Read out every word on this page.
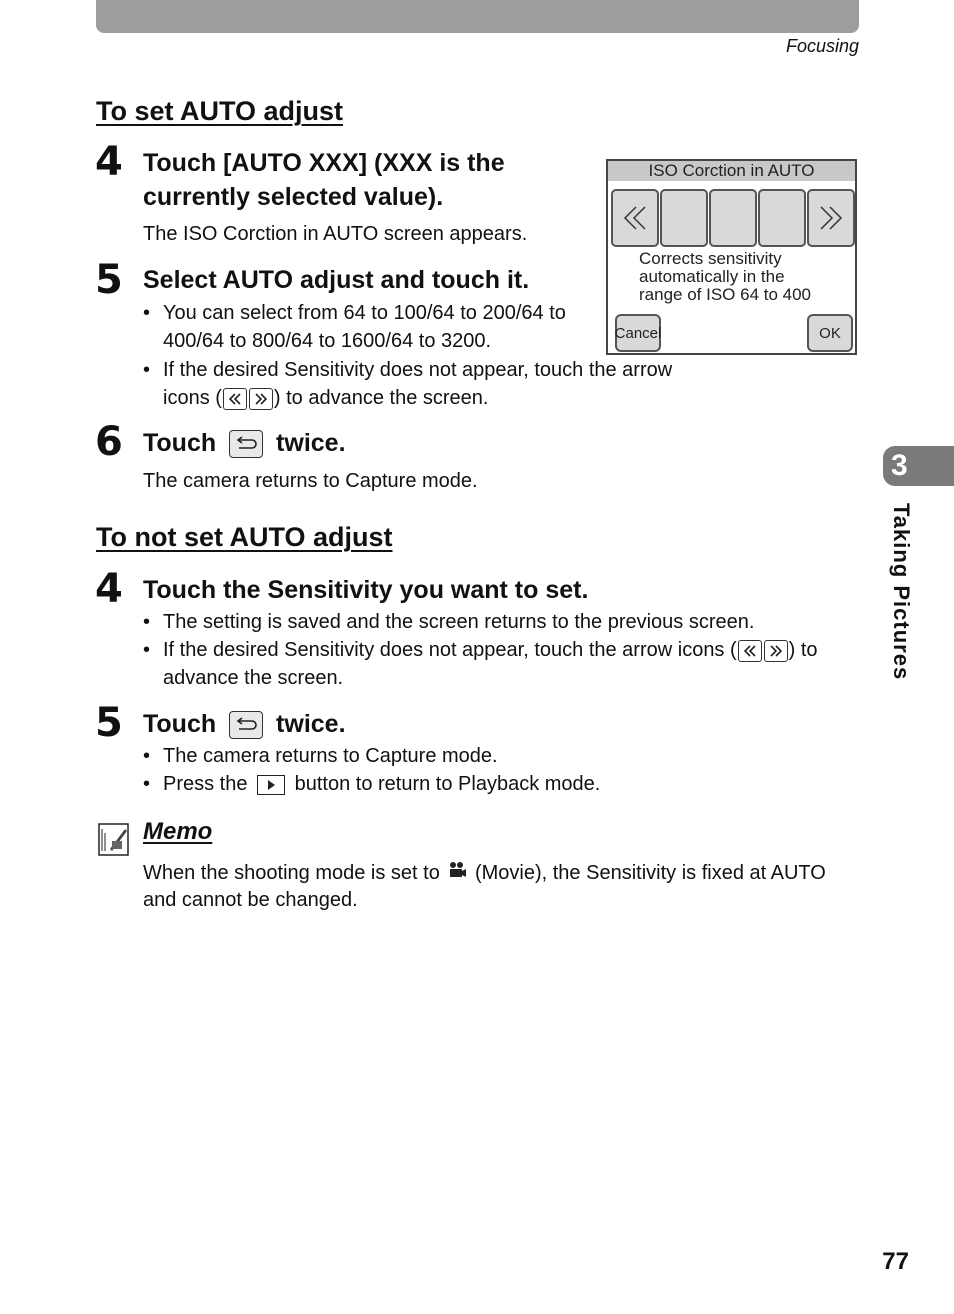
Focusing
To set AUTO adjust
4 Touch [AUTO XXX] (XXX is the currently selected value).
The ISO Corction in AUTO screen appears.
5 Select AUTO adjust and touch it.
• You can select from 64 to 100/64 to 200/64 to 400/64 to 800/64 to 1600/64 to 3200.
• If the desired Sensitivity does not appear, touch the arrow icons (	) to advance the screen.
6 Touch twice.
The camera returns to Capture mode.
ISO Corction in AUTO
Corrects sensitivity
automatically in the
range of ISO 64 to 400
Cancel	OK
To not set AUTO adjust
4 Touch the Sensitivity you want to set.
• The setting is saved and the screen returns to the previous screen.
• If the desired Sensitivity does not appear, touch the arrow icons (	) to advance the screen.
5 Touch twice.
• The camera returns to Capture mode.
• Press the button to return to Playback mode.
Memo
When the shooting mode is set to (Movie), the Sensitivity is fixed at AUTO and cannot be changed.
3
Taking Pictures
77
